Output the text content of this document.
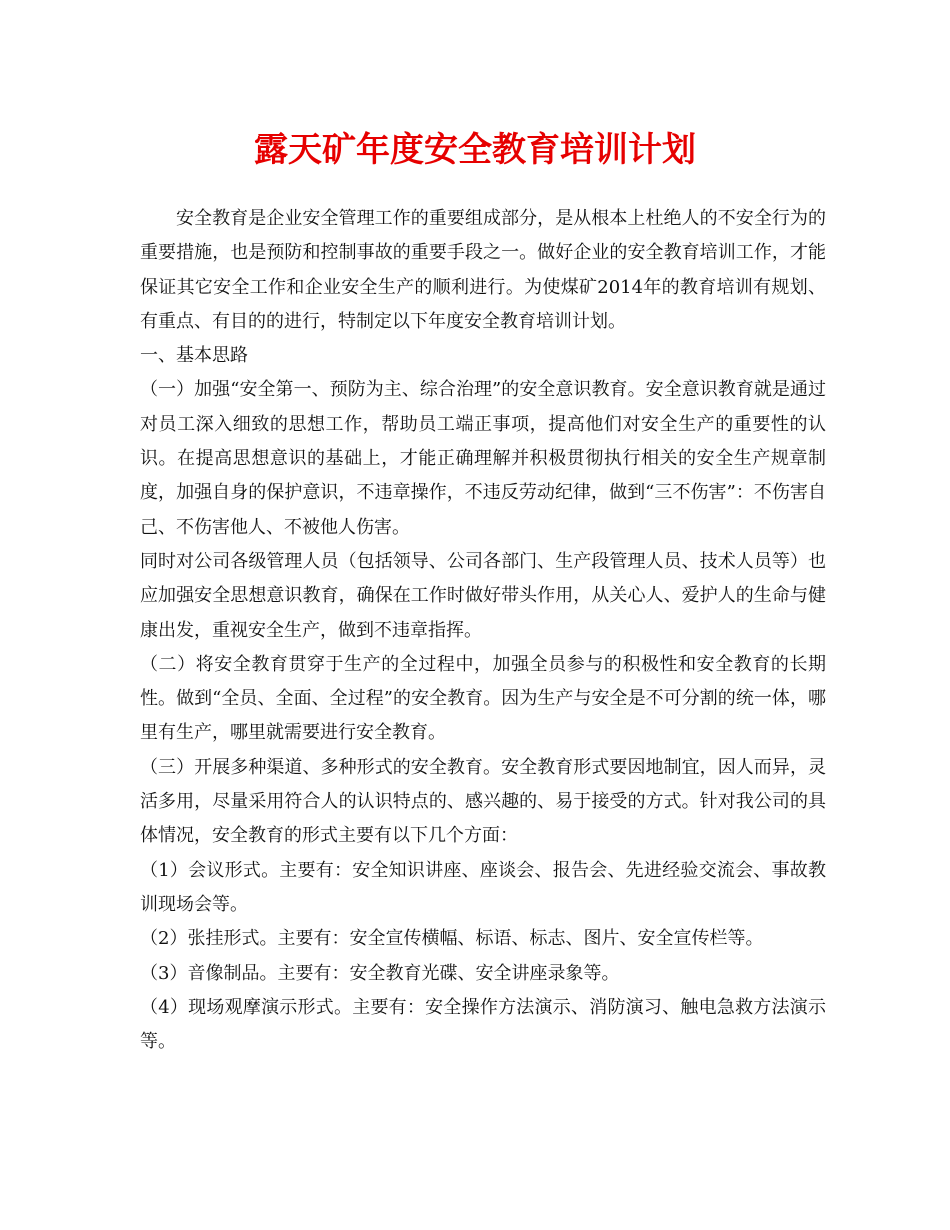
露天矿年度安全教育培训计划

安全教育是企业安全管理工作的重要组成部分，是从根本上杜绝人的不安全行为的重要措施，也是预防和控制事故的重要手段之一。做好企业的安全教育培训工作，才能保证其它安全工作和企业安全生产的顺利进行。为使煤矿2014年的教育培训有规划、有重点、有目的的进行，特制定以下年度安全教育培训计划。

一、基本思路

（一）加强“安全第一、预防为主、综合治理”的安全意识教育。安全意识教育就是通过对员工深入细致的思想工作，帮助员工端正事项，提高他们对安全生产的重要性的认识。在提高思想意识的基础上，才能正确理解并积极贯彻执行相关的安全生产规章制度，加强自身的保护意识，不违章操作，不违反劳动纪律，做到“三不伤害”：不伤害自己、不伤害他人、不被他人伤害。

同时对公司各级管理人员（包括领导、公司各部门、生产段管理人员、技术人员等）也应加强安全思想意识教育，确保在工作时做好带头作用，从关心人、爱护人的生命与健康出发，重视安全生产，做到不违章指挥。

（二）将安全教育贯穿于生产的全过程中，加强全员参与的积极性和安全教育的长期性。做到“全员、全面、全过程”的安全教育。因为生产与安全是不可分割的统一体，哪里有生产，哪里就需要进行安全教育。

（三）开展多种渠道、多种形式的安全教育。安全教育形式要因地制宜，因人而异，灵活多用，尽量采用符合人的认识特点的、感兴趣的、易于接受的方式。针对我公司的具体情况，安全教育的形式主要有以下几个方面：

（1）会议形式。主要有：安全知识讲座、座谈会、报告会、先进经验交流会、事故教训现场会等。

（2）张挂形式。主要有：安全宣传横幅、标语、标志、图片、安全宣传栏等。

（3）音像制品。主要有：安全教育光碟、安全讲座录象等。

（4）现场观摩演示形式。主要有：安全操作方法演示、消防演习、触电急救方法演示等。
